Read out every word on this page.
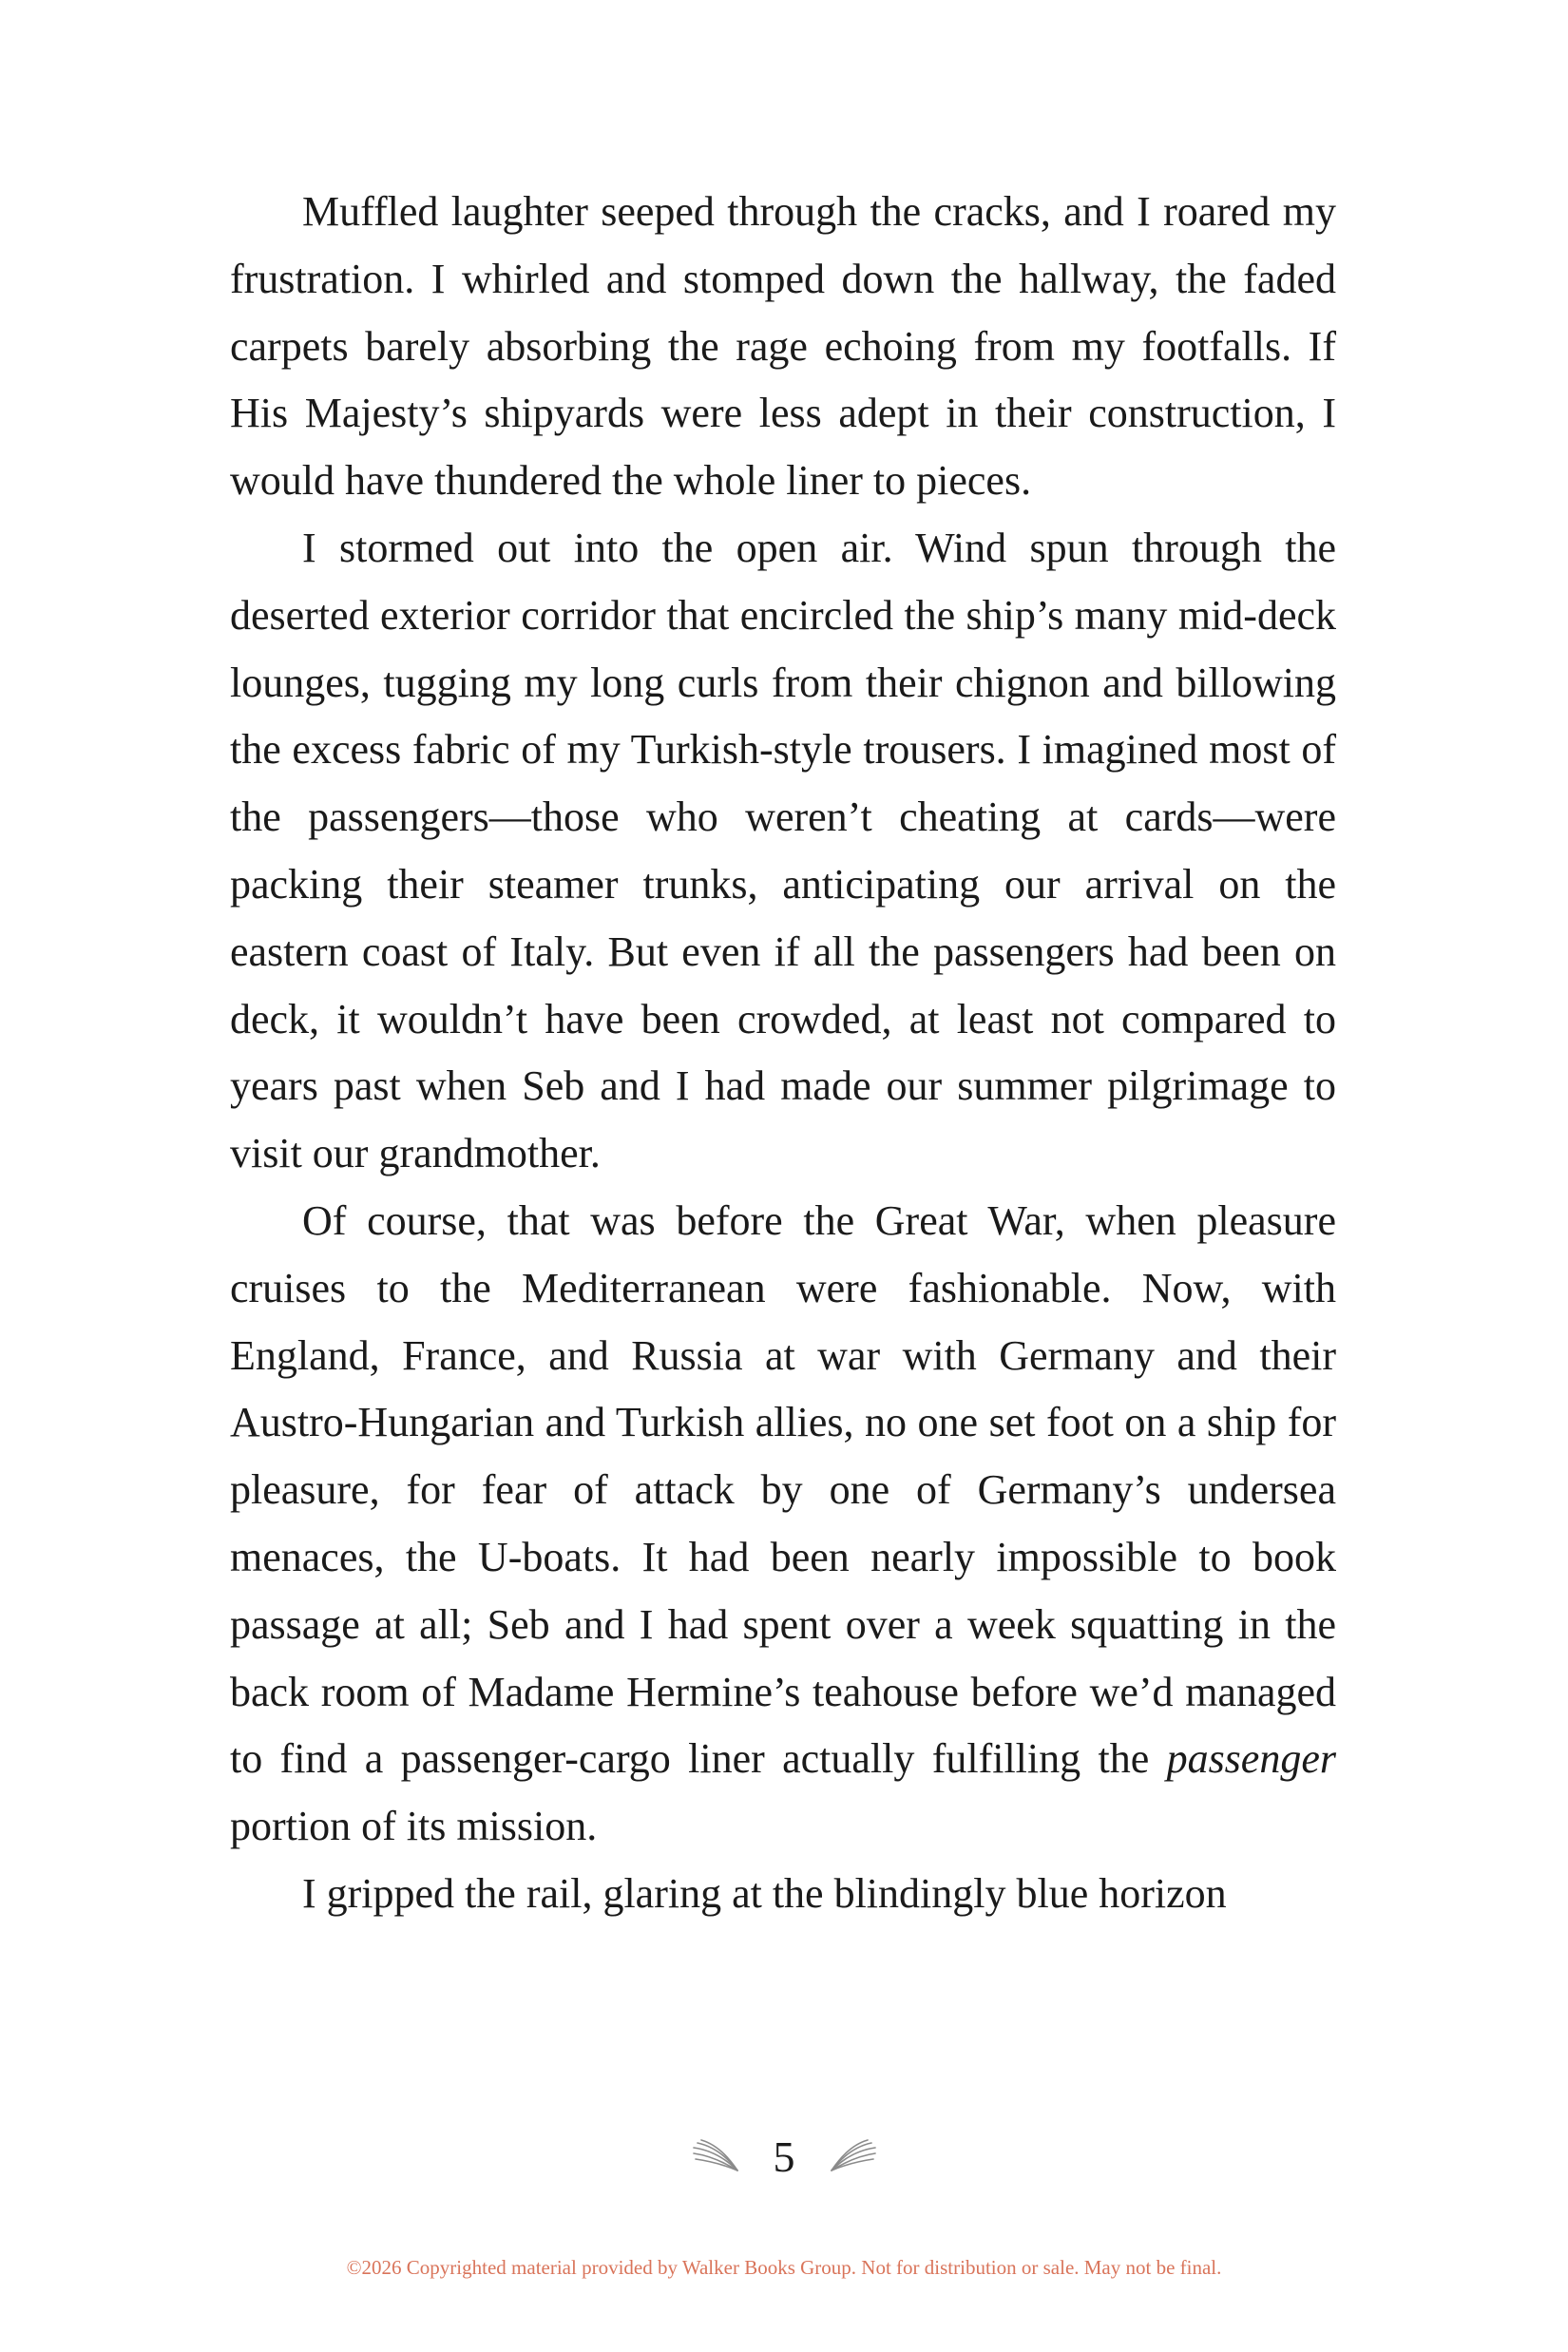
Muffled laughter seeped through the cracks, and I roared my frustration. I whirled and stomped down the hallway, the faded carpets barely absorbing the rage echoing from my footfalls. If His Majesty’s shipyards were less adept in their construction, I would have thundered the whole liner to pieces.

I stormed out into the open air. Wind spun through the deserted exterior corridor that encircled the ship’s many mid-deck lounges, tugging my long curls from their chignon and billowing the excess fabric of my Turkish-style trousers. I imagined most of the passengers—those who weren’t cheating at cards—were packing their steamer trunks, anticipating our arrival on the eastern coast of Italy. But even if all the passengers had been on deck, it wouldn’t have been crowded, at least not compared to years past when Seb and I had made our summer pilgrimage to visit our grandmother.

Of course, that was before the Great War, when pleasure cruises to the Mediterranean were fashionable. Now, with England, France, and Russia at war with Germany and their Austro-Hungarian and Turkish allies, no one set foot on a ship for pleasure, for fear of attack by one of Germany’s undersea menaces, the U-boats. It had been nearly impossible to book passage at all; Seb and I had spent over a week squatting in the back room of Madame Hermine’s teahouse before we’d managed to find a passenger-cargo liner actually fulfilling the passenger portion of its mission.

I gripped the rail, glaring at the blindingly blue horizon

5
©2026 Copyrighted material provided by Walker Books Group. Not for distribution or sale. May not be final.
